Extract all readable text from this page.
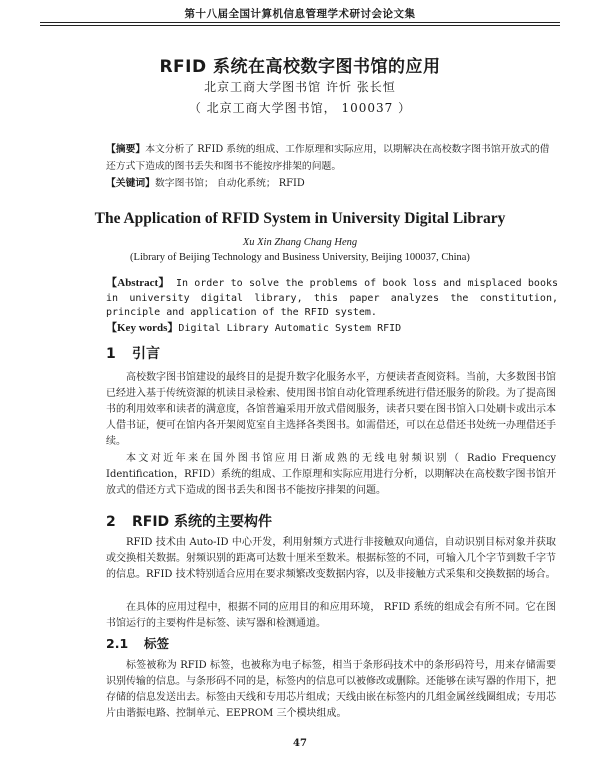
第十八届全国计算机信息管理学术研讨会论文集
RFID 系统在高校数字图书馆的应用
北京工商大学图书馆 许忻 张长恒
（ 北京工商大学图书馆， 100037 ）

【摘要】本文分析了 RFID 系统的组成、工作原理和实际应用，以期解决在高校数字图书馆开放式的借还方式下造成的图书丢失和图书不能按序排架的问题。

【关键词】数字图书馆； 自动化系统； RFID

The Application of RFID System in University Digital Library
Xu Xin Zhang Chang Heng
(Library of Beijing Technology and Business University, Beijing 100037, China)

【Abstract】 In order to solve the problems of book loss and misplaced books in university digital library, this paper analyzes the constitution, principle and application of the RFID system.

【Key words】Digital Library Automatic System RFID

1 引言

高校数字图书馆建设的最终目的是提升数字化服务水平，方便读者查阅资料。当前，大多数图书馆已经进入基于传统资源的机读目录检索、使用图书馆自动化管理系统进行借还服务的阶段。为了提高图书的利用效率和读者的满意度，各馆普遍采用开放式借阅服务，读者只要在图书馆入口处刷卡或出示本人借书证，便可在馆内各开架阅览室自主选择各类图书。如需借还，可以在总借还书处统一办理借还手续。

本文对近年来在国外图书馆应用日渐成熟的无线电射频识别（ Radio Frequency Identification，RFID）系统的组成、工作原理和实际应用进行分析，以期解决在高校数字图书馆开放式的借还方式下造成的图书丢失和图书不能按序排架的问题。

2 RFID 系统的主要构件

RFID 技术由 Auto-ID 中心开发，利用射频方式进行非接触双向通信，自动识别目标对象并获取或交换相关数据。射频识别的距离可达数十厘米至数米。根据标签的不同，可输入几个字节到数千字节的信息。RFID 技术特别适合应用在要求频繁改变数据内容，以及非接触方式采集和交换数据的场合。

在具体的应用过程中，根据不同的应用目的和应用环境， RFID 系统的组成会有所不同。它在图书馆运行的主要构件是标签、读写器和检测通道。

2.1 标签

标签被称为 RFID 标签，也被称为电子标签，相当于条形码技术中的条形码符号，用来存储需要识别传输的信息。与条形码不同的是，标签内的信息可以被修改或删除。还能够在读写器的作用下，把存储的信息发送出去。标签由天线和专用芯片组成；天线由嵌在标签内的几组金属丝线圈组成；专用芯片由谐振电路、控制单元、EEPROM 三个模块组成。

47
